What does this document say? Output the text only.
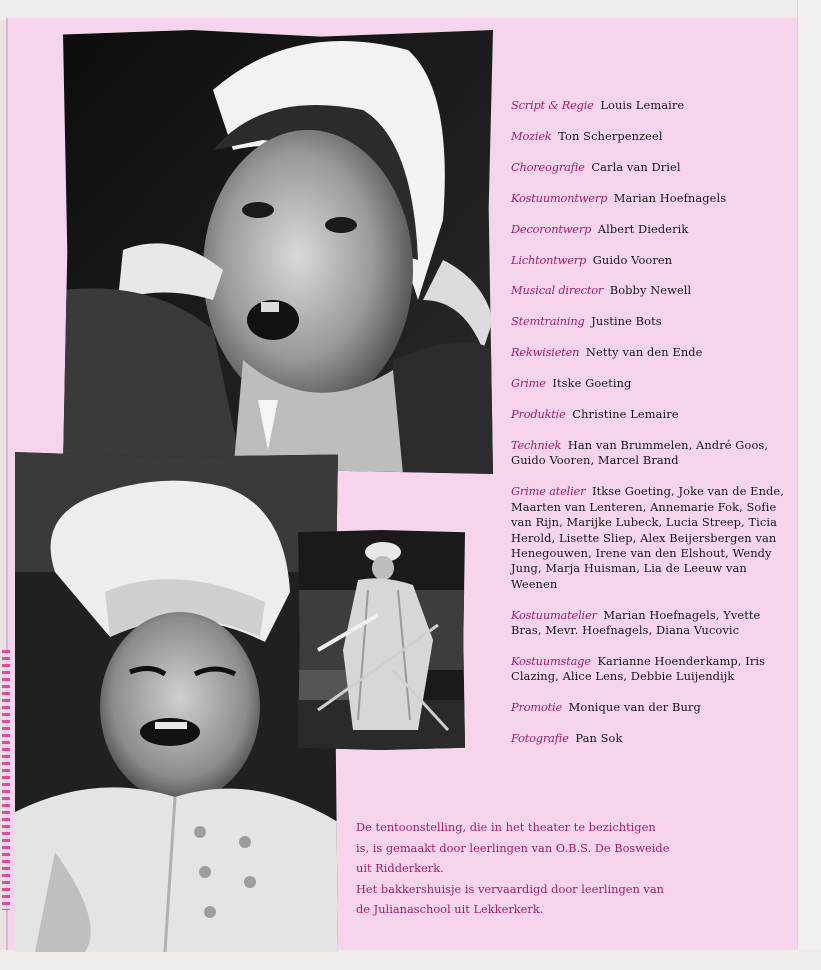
Script & Regie Louis Lemaire
Moziek Ton Scherpenzeel
Choreografie Carla van Driel
Kostuumontwerp Marian Hoefnagels
Decorontwerp Albert Diederik
Lichtontwerp Guido Vooren
Musical director Bobby Newell
Stemtraining Justine Bots
Rekwisieten Netty van den Ende
Grime Itske Goeting
Produktie Christine Lemaire
Techniek Han van Brummelen, André Goos, Guido Vooren, Marcel Brand
Grime atelier Itkse Goeting, Joke van de Ende, Maarten van Lenteren, Annemarie Fok, Sofie van Rijn, Marijke Lubeck, Lucia Streep, Ticia Herold, Lisette Sliep, Alex Beijersbergen van Henegouwen, Irene van den Elshout, Wendy Jung, Marja Huisman, Lia de Leeuw van Weenen
Kostuumatelier Marian Hoefnagels, Yvette Bras, Mevr. Hoefnagels, Diana Vucovic
Kostuumstage Karianne Hoenderkamp, Iris Clazing, Alice Lens, Debbie Luijendijk
Promotie Monique van der Burg
Fotografie Pan Sok

De tentoonstelling, die in het theater te bezichtigen

is, is gemaakt door leerlingen van O.B.S. De Bosweide

uit Ridderkerk.

Het bakkershuisje is vervaardigd door leerlingen van

de Julianaschool uit Lekkerkerk.
